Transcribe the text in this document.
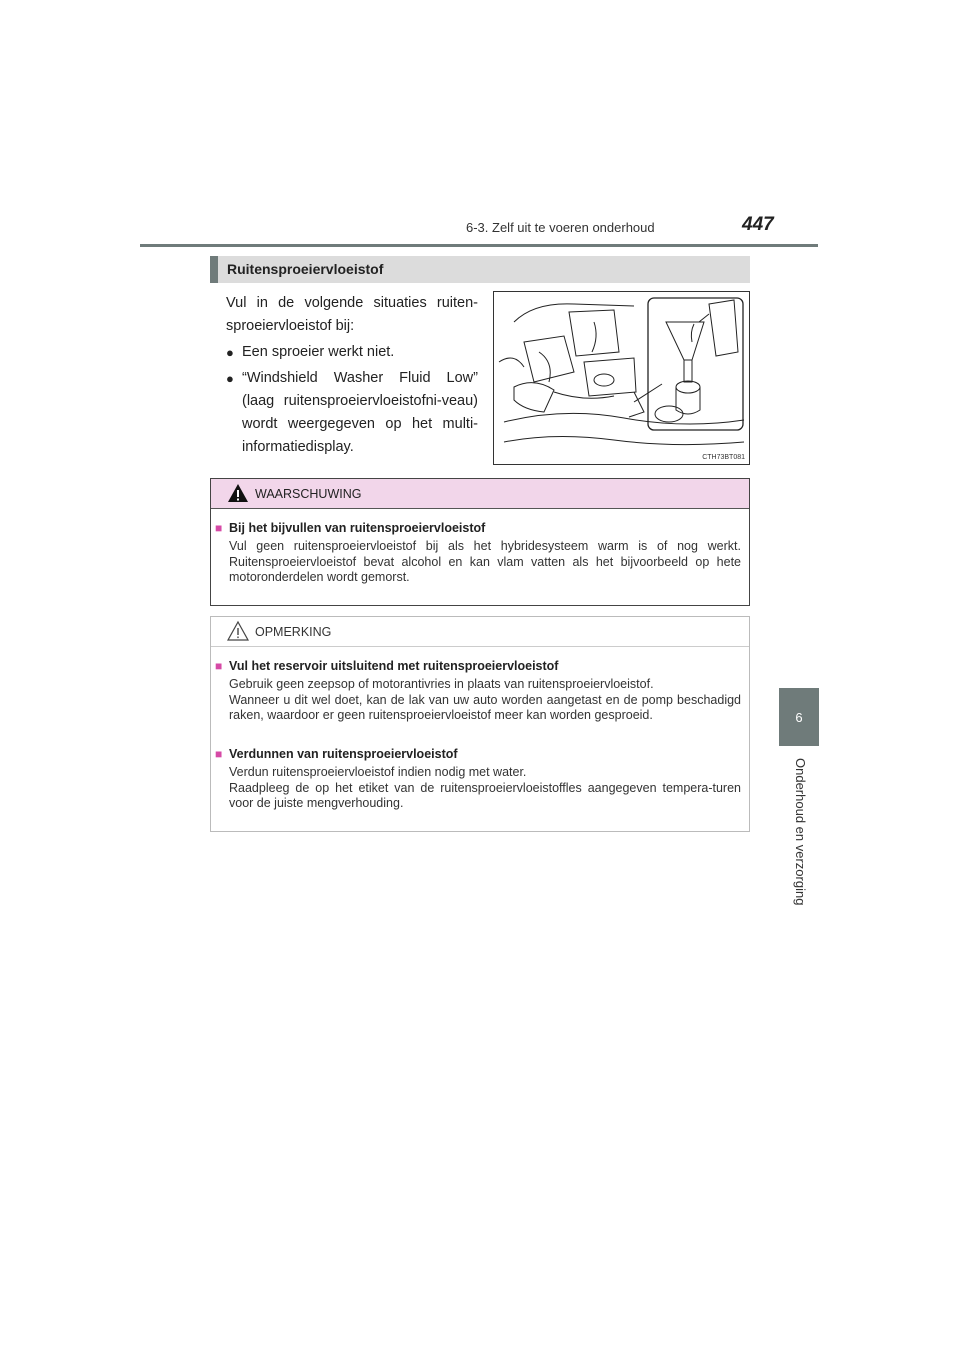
6-3. Zelf uit te voeren onderhoud	447
6
Onderhoud en verzorging
Ruitensproeiervloeistof

Vul in de volgende situaties ruiten-sproeiervloeistof bij:

● Een sproeier werkt niet.
● “Windshield Washer Fluid Low” (laag ruitensproeiervloeistofni-veau) wordt weergegeven op het multi-informatiedisplay.
CTH73BT081
WAARSCHUWING
■ Bij het bijvullen van ruitensproeiervloeistof
Vul geen ruitensproeiervloeistof bij als het hybridesysteem warm is of nog werkt. Ruitensproeiervloeistof bevat alcohol en kan vlam vatten als het bijvoorbeeld op hete motoronderdelen wordt gemorst.
OPMERKING
■ Vul het reservoir uitsluitend met ruitensproeiervloeistof

Gebruik geen zeepsop of motorantivries in plaats van ruitensproeiervloeistof.

Wanneer u dit wel doet, kan de lak van uw auto worden aangetast en de pomp beschadigd raken, waardoor er geen ruitensproeiervloeistof meer kan worden gesproeid.

■ Verdunnen van ruitensproeiervloeistof

Verdun ruitensproeiervloeistof indien nodig met water.

Raadpleeg de op het etiket van de ruitensproeiervloeistoffles aangegeven tempera-turen voor de juiste mengverhouding.
